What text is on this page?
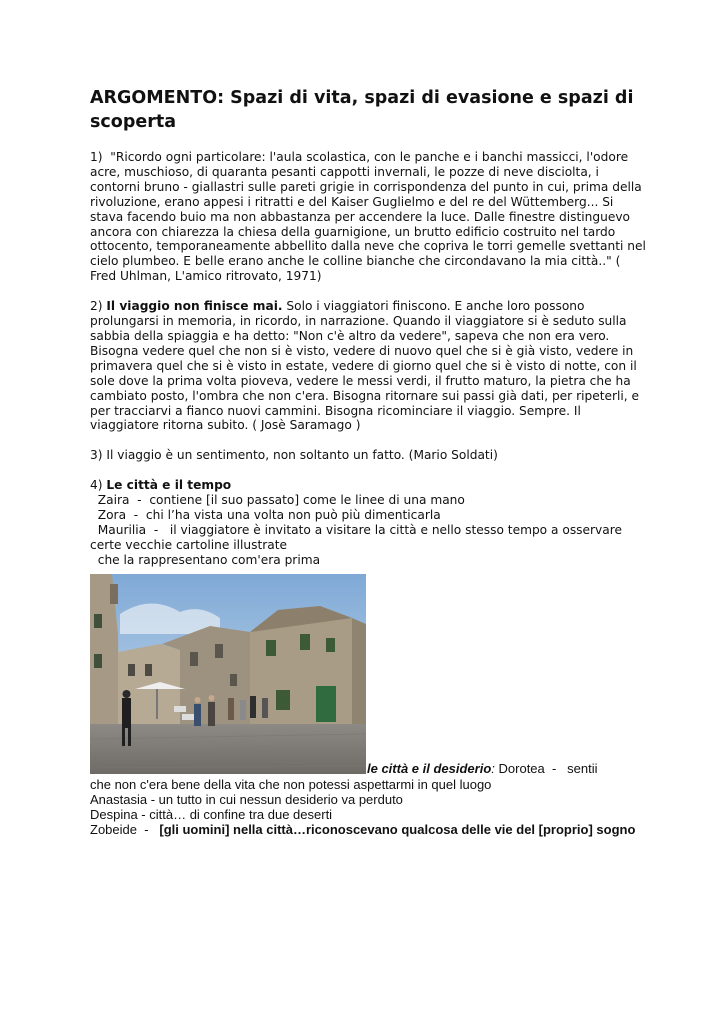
ARGOMENTO: Spazi di vita, spazi di evasione e spazi di scoperta

1) "Ricordo ogni particolare: l'aula scolastica, con le panche e i banchi massicci, l'odore acre, muschioso, di quaranta pesanti cappotti invernali, le pozze di neve disciolta, i contorni bruno - giallastri sulle pareti grigie in corrispondenza del punto in cui, prima della rivoluzione, erano appesi i ritratti e del Kaiser Guglielmo e del re del Wüttemberg... Si stava facendo buio ma non abbastanza per accendere la luce. Dalle finestre distinguevo ancora con chiarezza la chiesa della guarnigione, un brutto edificio costruito nel tardo ottocento, temporaneamente abbellito dalla neve che copriva le torri gemelle svettanti nel cielo plumbeo. E belle erano anche le colline bianche che circondavano la mia città.." ( Fred Uhlman, L'amico ritrovato, 1971)

2) Il viaggio non finisce mai. Solo i viaggiatori finiscono. E anche loro possono prolungarsi in memoria, in ricordo, in narrazione. Quando il viaggiatore si è seduto sulla sabbia della spiaggia e ha detto: "Non c'è altro da vedere", sapeva che non era vero. Bisogna vedere quel che non si è visto, vedere di nuovo quel che si è già visto, vedere in primavera quel che si è visto in estate, vedere di giorno quel che si è visto di notte, con il sole dove la prima volta pioveva, vedere le messi verdi, il frutto maturo, la pietra che ha cambiato posto, l'ombra che non c'era. Bisogna ritornare sui passi già dati, per ripeterli, e per tracciarvi a fianco nuovi cammini. Bisogna ricominciare il viaggio. Sempre. Il viaggiatore ritorna subito. ( Josè Saramago )

3) Il viaggio è un sentimento, non soltanto un fatto. (Mario Soldati)

4) Le città e il tempo

Zaira  -  contiene [il suo passato] come le linee di una mano

Zora  -  chi l’ha vista una volta non può più dimenticarla

Maurilia  -   il viaggiatore è invitato a visitare la città e nello stesso tempo a osservare certe vecchie cartoline illustrate

che la rappresentano com'era prima

le città e il desiderio: Dorotea  -   sentii
che non c'era bene della vita che non potessi aspettarmi in quel luogo
Anastasia - un tutto in cui nessun desiderio va perduto
Despina - città… di confine tra due deserti
Zobeide  -   [gli uomini] nella città…riconoscevano qualcosa delle vie del [proprio] sogno
